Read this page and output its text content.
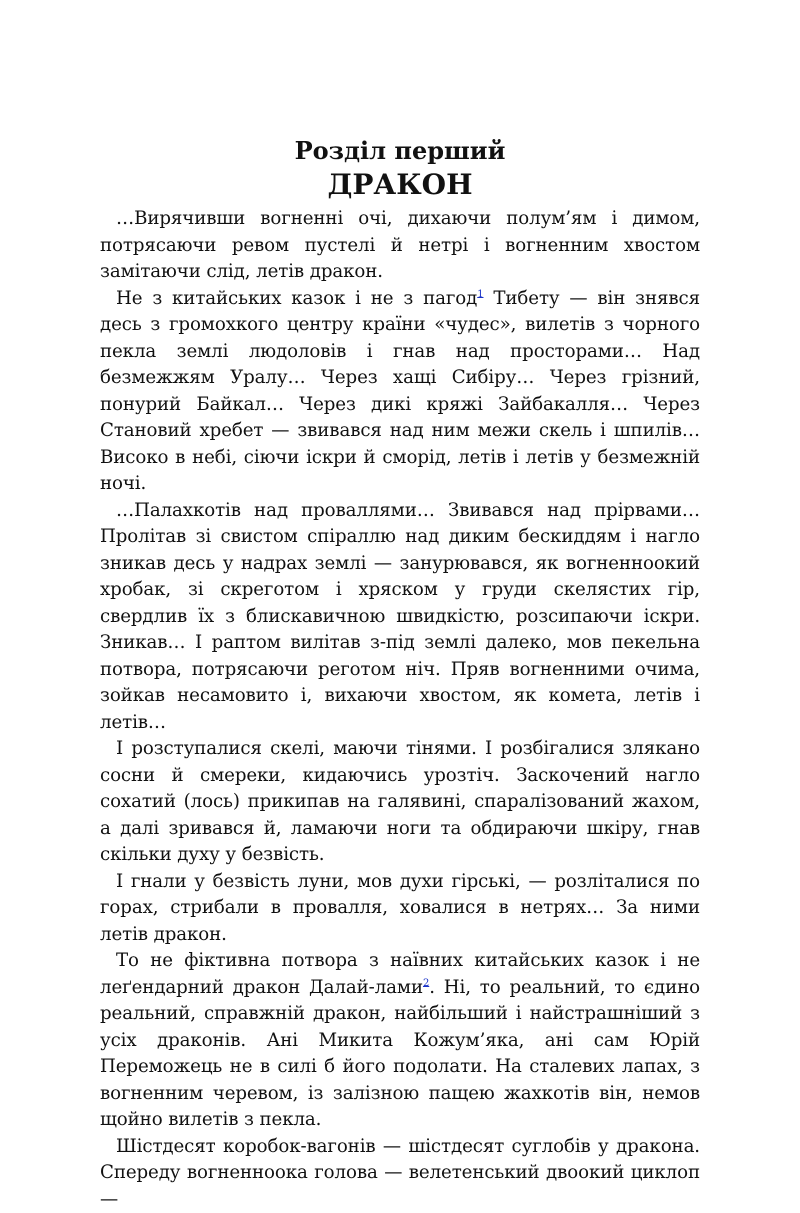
Розділ перший
ДРАКОН

…Вирячивши вогненні очі, дихаючи полум’ям і димом, потрясаючи ревом пустелі й нетрі і вогненним хвостом замітаючи слід, летів дракон.

Не з китайських казок і не з пагод$^1$ Тибету — він знявся десь з громохкого центру країни «чудес», вилетів з чорного пекла землі людоловів і гнав над просторами… Над безмежжям Уралу… Через хащі Сибіру… Через грізний, понурий Байкал… Через дикі кряжі Зайбакалля… Через Становий хребет — звивався над ним межи скель і шпилів… Високо в небі, сіючи іскри й сморід, летів і летів у безмежній ночі.

…Палахкотів над проваллями… Звивався над прірвами… Пролітав зі свистом спіраллю над диким бескиддям і нагло зникав десь у надрах землі — занурювався, як вогненноокий хробак, зі скреготом і хряском у груди скелястих гір, свердлив їх з блискавичною швидкістю, розсипаючи іскри. Зникав… І раптом вилітав з-під землі далеко, мов пекельна потвора, потрясаючи реготом ніч. Пряв вогненними очима, зойкав несамовито і, вихаючи хвостом, як комета, летів і летів…

І розступалися скелі, маючи тінями. І розбігалися злякано сосни й смереки, кидаючись урозтіч. Заскочений нагло сохатий (лось) прикипав на галявині, спаралізований жахом, а далі зривався й, ламаючи ноги та обдираючи шкіру, гнав скільки духу у безвість.

І гнали у безвість луни, мов духи гірські, — розліталися по горах, стрибали в провалля, ховалися в нетрях… За ними летів дракон.

То не фіктивна потвора з наївних китайських казок і не леґендарний дракон Далай-лами$^2$. Ні, то реальний, то єдино реальний, справжній дракон, найбільший і найстрашніший з усіх драконів. Ані Микита Кожум’яка, ані сам Юрій Переможець не в силі б його подолати. На сталевих лапах, з вогненним черевом, із залізною пащею жахкотів він, немов щойно вилетів з пекла.

Шістдесят коробок-вагонів — шістдесят суглобів у дракона. Спереду вогненноока голова — велетенський двоокий циклоп —
